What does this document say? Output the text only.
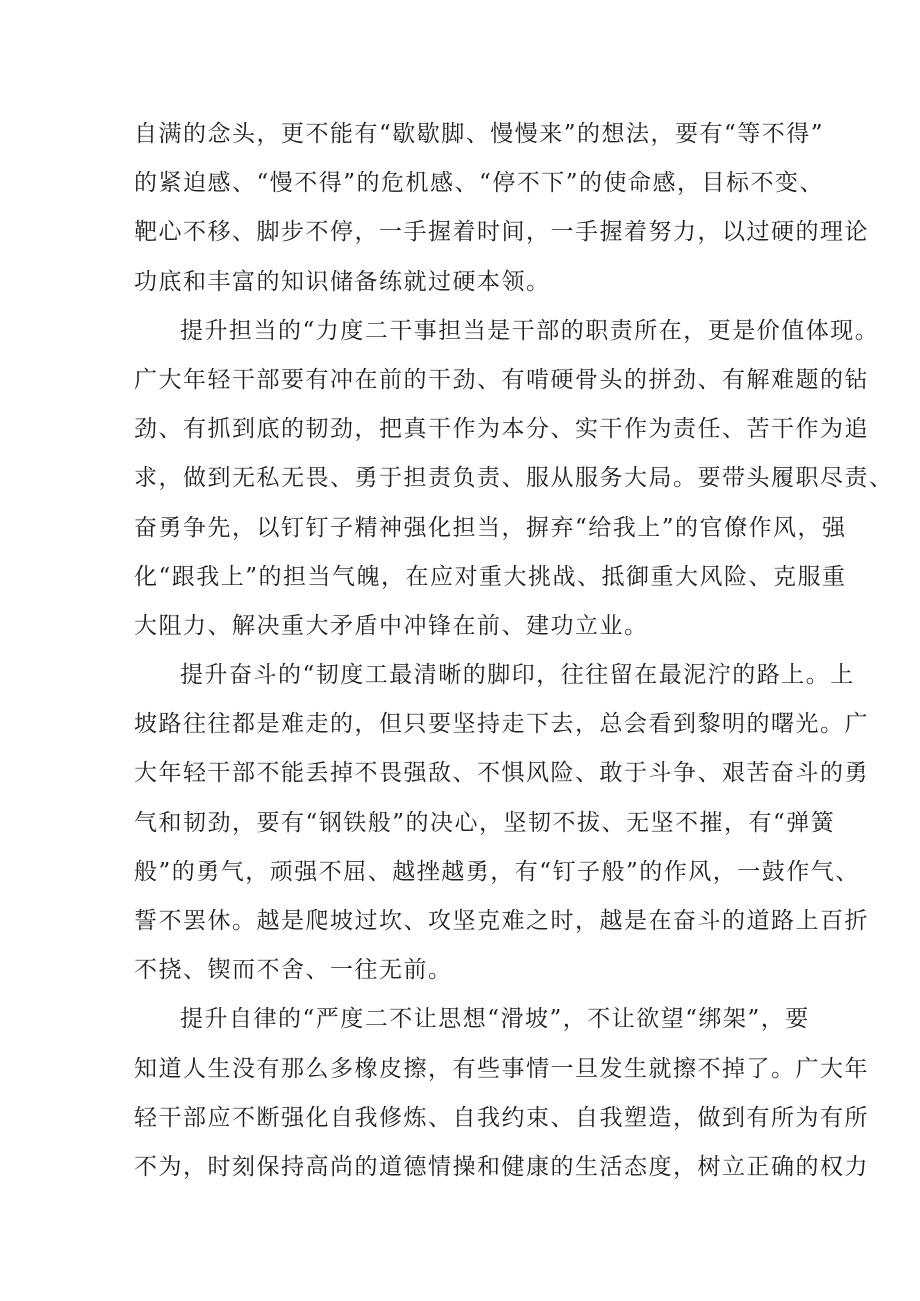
自满的念头，更不能有“歇歇脚、慢慢来”的想法，要有“等不得”
的紧迫感、“慢不得”的危机感、“停不下”的使命感，目标不变、
靶心不移、脚步不停，一手握着时间，一手握着努力，以过硬的理论
功底和丰富的知识储备练就过硬本领。
提升担当的“力度二干事担当是干部的职责所在，更是价值体现。
广大年轻干部要有冲在前的干劲、有啃硬骨头的拼劲、有解难题的钻
劲、有抓到底的韧劲，把真干作为本分、实干作为责任、苦干作为追
求，做到无私无畏、勇于担责负责、服从服务大局。要带头履职尽责、
奋勇争先，以钉钉子精神强化担当，摒弃“给我上”的官僚作风，强
化“跟我上”的担当气魄，在应对重大挑战、抵御重大风险、克服重
大阻力、解决重大矛盾中冲锋在前、建功立业。
提升奋斗的“韧度工最清晰的脚印，往往留在最泥泞的路上。上
坡路往往都是难走的，但只要坚持走下去，总会看到黎明的曙光。广
大年轻干部不能丢掉不畏强敌、不惧风险、敢于斗争、艰苦奋斗的勇
气和韧劲，要有“钢铁般”的决心，坚韧不拔、无坚不摧，有“弹簧
般”的勇气，顽强不屈、越挫越勇，有“钉子般”的作风，一鼓作气、
誓不罢休。越是爬坡过坎、攻坚克难之时，越是在奋斗的道路上百折
不挠、锲而不舍、一往无前。
提升自律的“严度二不让思想“滑坡”，不让欲望“绑架”，要
知道人生没有那么多橡皮擦，有些事情一旦发生就擦不掉了。广大年
轻干部应不断强化自我修炼、自我约束、自我塑造，做到有所为有所
不为，时刻保持高尚的道德情操和健康的生活态度，树立正确的权力
